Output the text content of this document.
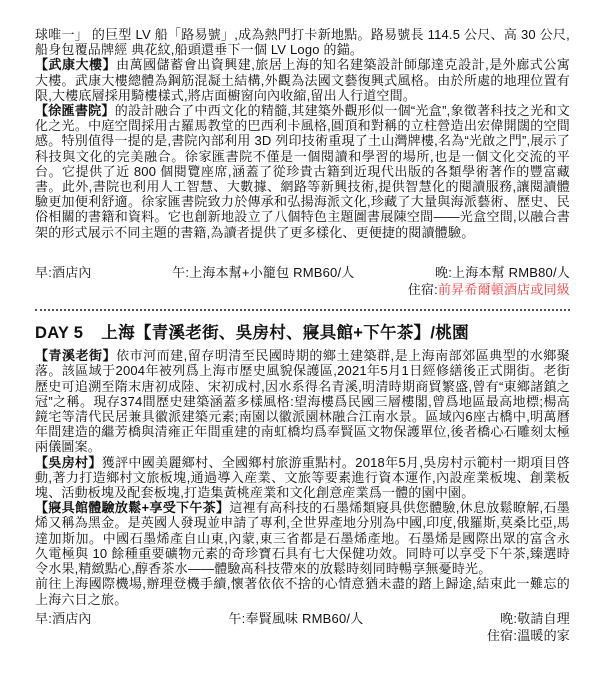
球唯一」 的巨型 LV 船「路易號」,成為熱門打卡新地點。路易號長 114.5 公尺、高 30 公尺,船身包覆品牌經 典花紋,船頭還垂下一個 LV Logo 的錨。

【武康大樓】由萬國儲蓄會出資興建,旅居上海的知名建築設計師鄔達克設計,是外廊式公寓大樓。武康大樓總體為鋼筋混凝土結構,外觀為法國文藝復興式風格。由於所處的地理位置有限,大樓底層採用騎樓樣式,將店面櫥窗向內收縮,留出人行道空間。

【徐匯書院】的設計融合了中西文化的精髓,其建築外觀形似一個“光盒”,象徵著科技之光和文化之光。中庭空間採用古羅馬教堂的巴西利卡風格,圓頂和對稱的立柱營造出宏偉開闊的空間感。特別值得一提的是,書院內部利用 3D 列印技術重現了土山灣牌樓,名為“光啟之門”,展示了科技與文化的完美融合。徐家匯書院不僅是一個閱讀和學習的場所,也是一個文化交流的平台。它提供了近 800 個閱覽座席,涵蓋了從珍貴古籍到近現代出版的各類學術著作的豐富藏書。此外,書院也利用人工智慧、大數據、網路等新興技術,提供智慧化的閱讀服務,讓閱讀體驗更加便利舒適。徐家匯書院致力於傳承和弘揚海派文化,珍藏了大量與海派藝術、歷史、民俗相關的書籍和資料。它也創新地設立了八個特色主題圖書展陳空間——光盒空間,以融合書架的形式展示不同主題的書籍,為讀者提供了更多樣化、更便捷的閱讀體驗。

早:酒店內	午:上海本幫+小籠包 RMB60/人	晚:上海本幫 RMB80/人
住宿:前昇希爾頓酒店或同級
DAY 5 上海【青溪老街、吳房村、寢具館+下午茶】/桃園

【青溪老街】依市河而建,留存明清至民國時期的鄉土建築群,是上海南部郊區典型的水鄉聚落。該區域于2004年被列爲上海市歷史風貌保護區,2021年5月1日經修繕後正式開街。老街歷史可追溯至隋末唐初成陸、宋初成村,因水系得名青溪,明清時期商貿繁盛,曾有“東鄉諸鎮之冠”之稱。現存374間歷史建築涵蓋多樣風格:望海樓爲民國三層樓閣,曾爲地區最高地標;楊高鏡宅等清代民居兼具徽派建築元素;南園以徽派園林融合江南水景。區域內6座古橋中,明萬曆年間建造的繼芳橋與清雍正年間重建的南虹橋均爲奉賢區文物保護單位,後者橋心石雕刻太極兩儀圖案。

【吳房村】獲評中國美麗鄉村、全國鄉村旅游重點村。2018年5月,吳房村示範村一期項目啓動,著力打造鄉村文旅板塊,通過導入産業、文旅等要素進行資本運作,內設産業板塊、創業板塊、活動板塊及配套板塊,打造集黃桃産業和文化創意産業爲一體的園中園。

【寢具館體驗放鬆+享受下午茶】這裡有高科技的石墨烯類寢具供您體驗,休息放鬆瞭解,石墨烯又稱為黑金。是英國人發現並申請了專利,全世界產地分別為中國,印度,俄羅斯,莫桑比亞,馬達加斯加。中國石墨烯產自山東,內蒙,東三省都是石墨烯產地。石墨烯是國際出眾的富含永久電極與 10 餘種重要礦物元素的奇珍寶石具有七大保健功效。同時可以享受下午茶,臻選時令水果,精緻點心,醇香茶水——體驗高科技帶來的放鬆時刻同時暢享無憂時光。

前往上海國際機場,辦理登機手續,懷著依依不捨的心情意猶未盡的踏上歸途,結束此一難忘的上海六日之旅。

早:酒店內	午:奉賢風味 RMB60/人	晚:敬請自理
住宿:溫暖的家
